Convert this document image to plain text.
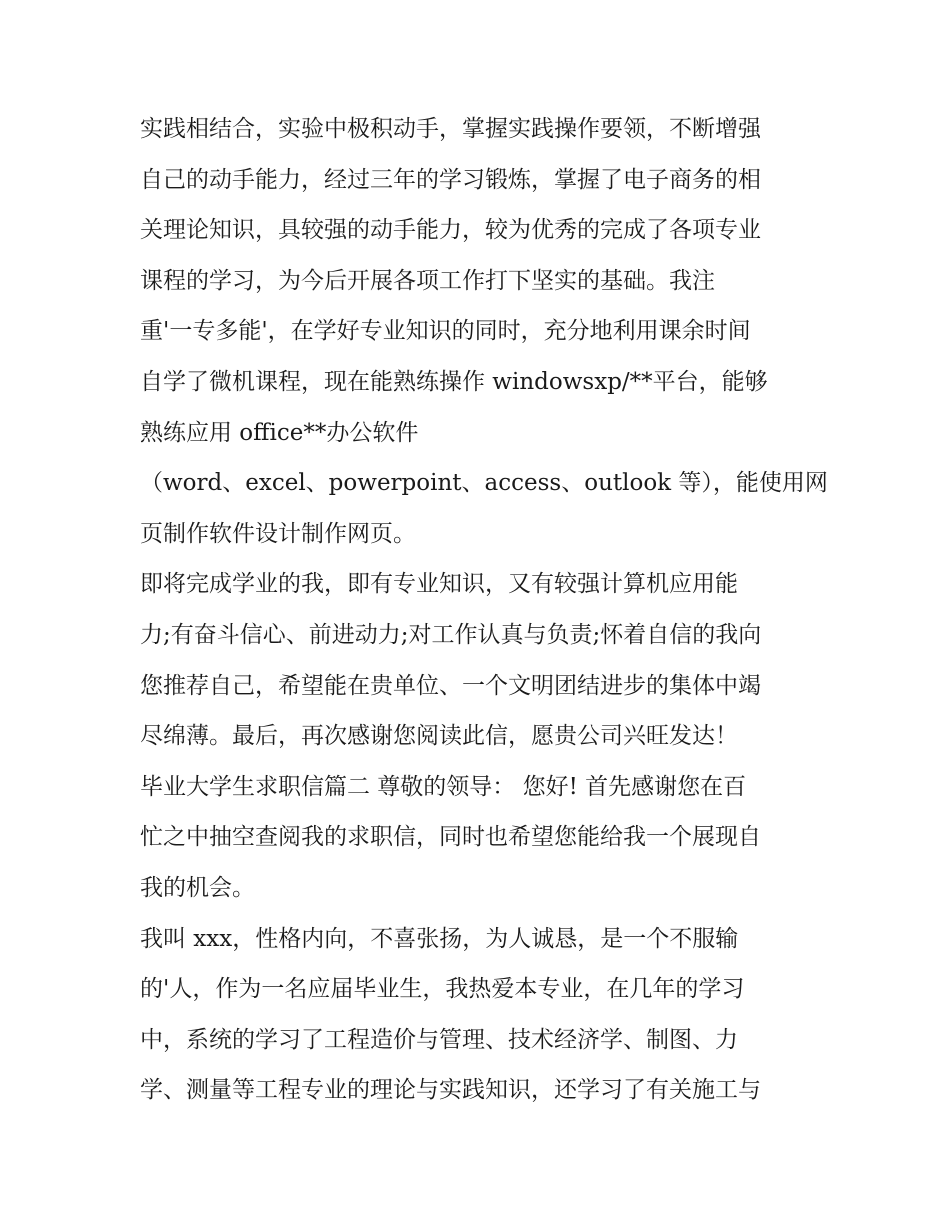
实践相结合，实验中极积动手，掌握实践操作要领，不断增强
自己的动手能力，经过三年的学习锻炼，掌握了电子商务的相
关理论知识，具较强的动手能力，较为优秀的完成了各项专业
课程的学习，为今后开展各项工作打下坚实的基础。我注
重'一专多能'，在学好专业知识的同时，充分地利用课余时间
自学了微机课程，现在能熟练操作 windowsxp/**平台，能够
熟练应用 office**办公软件
（word、excel、powerpoint、access、outlook 等），能使用网
页制作软件设计制作网页。
即将完成学业的我，即有专业知识，又有较强计算机应用能
力;有奋斗信心、前进动力;对工作认真与负责;怀着自信的我向
您推荐自己，希望能在贵单位、一个文明团结进步的集体中竭
尽绵薄。最后，再次感谢您阅读此信，愿贵公司兴旺发达！
毕业大学生求职信篇二 尊敬的领导： 您好! 首先感谢您在百
忙之中抽空查阅我的求职信，同时也希望您能给我一个展现自
我的机会。
我叫 xxx，性格内向，不喜张扬，为人诚恳，是一个不服输
的'人，作为一名应届毕业生，我热爱本专业，在几年的学习
中，系统的学习了工程造价与管理、技术经济学、制图、力
学、测量等工程专业的理论与实践知识，还学习了有关施工与
